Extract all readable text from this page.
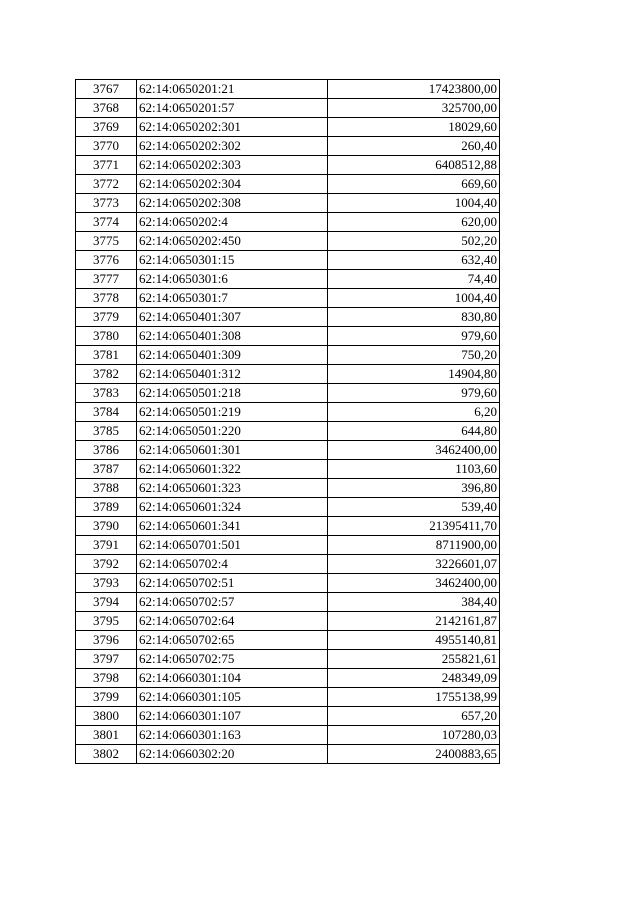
3767	62:14:0650201:21	17423800,00
3768	62:14:0650201:57	325700,00
3769	62:14:0650202:301	18029,60
3770	62:14:0650202:302	260,40
3771	62:14:0650202:303	6408512,88
3772	62:14:0650202:304	669,60
3773	62:14:0650202:308	1004,40
3774	62:14:0650202:4	620,00
3775	62:14:0650202:450	502,20
3776	62:14:0650301:15	632,40
3777	62:14:0650301:6	74,40
3778	62:14:0650301:7	1004,40
3779	62:14:0650401:307	830,80
3780	62:14:0650401:308	979,60
3781	62:14:0650401:309	750,20
3782	62:14:0650401:312	14904,80
3783	62:14:0650501:218	979,60
3784	62:14:0650501:219	6,20
3785	62:14:0650501:220	644,80
3786	62:14:0650601:301	3462400,00
3787	62:14:0650601:322	1103,60
3788	62:14:0650601:323	396,80
3789	62:14:0650601:324	539,40
3790	62:14:0650601:341	21395411,70
3791	62:14:0650701:501	8711900,00
3792	62:14:0650702:4	3226601,07
3793	62:14:0650702:51	3462400,00
3794	62:14:0650702:57	384,40
3795	62:14:0650702:64	2142161,87
3796	62:14:0650702:65	4955140,81
3797	62:14:0650702:75	255821,61
3798	62:14:0660301:104	248349,09
3799	62:14:0660301:105	1755138,99
3800	62:14:0660301:107	657,20
3801	62:14:0660301:163	107280,03
3802	62:14:0660302:20	2400883,65
